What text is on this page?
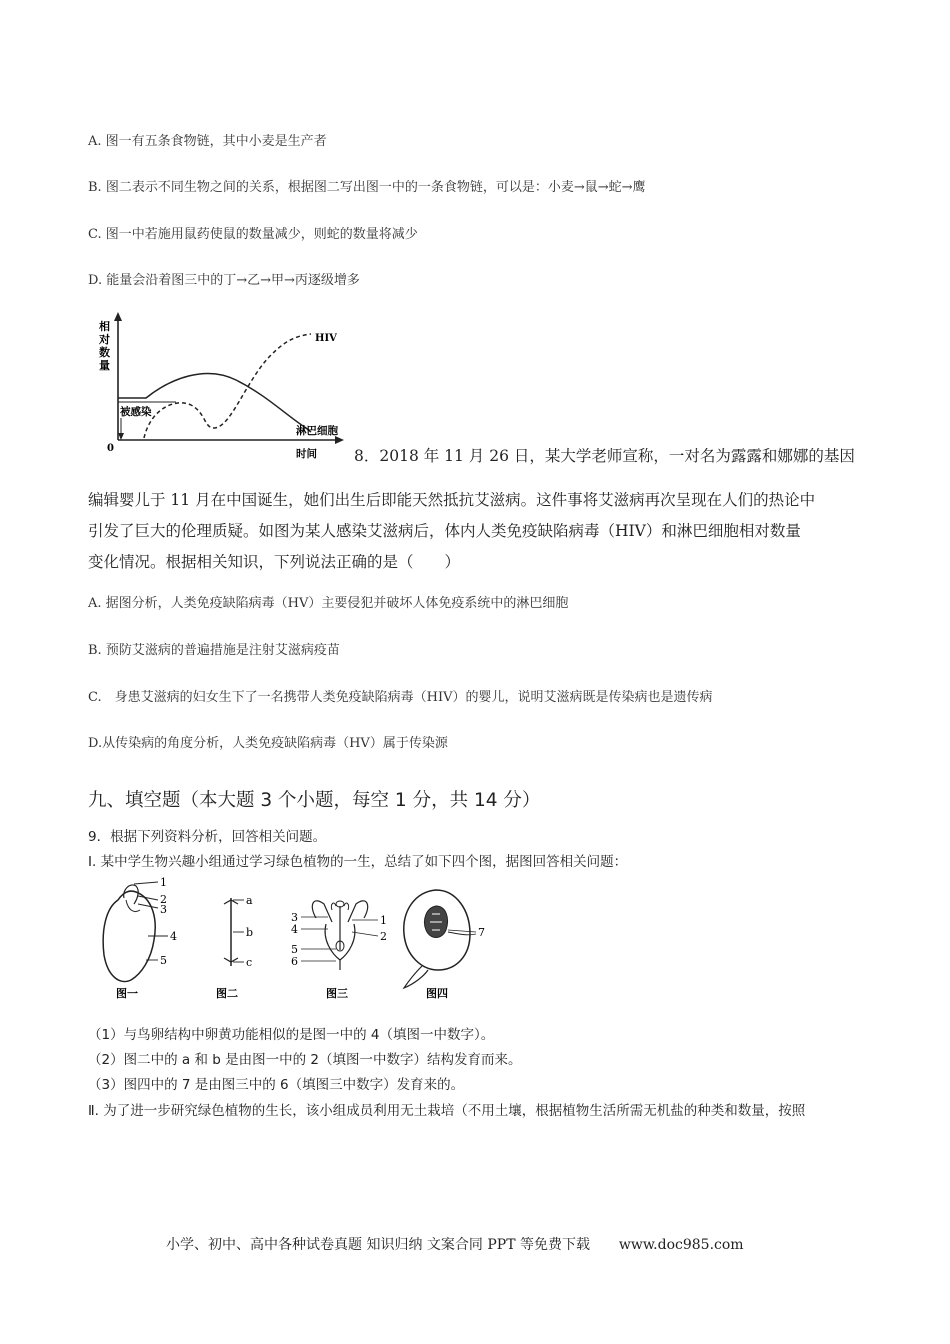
A. 图一有五条食物链，其中小麦是生产者
B. 图二表示不同生物之间的关系，根据图二写出图一中的一条食物链，可以是：小麦→鼠→蛇→鹰
C. 图一中若施用鼠药使鼠的数量减少，则蛇的数量将减少
D. 能量会沿着图三中的丁→乙→甲→丙逐级增多
相
对
数
量
被感染
HIV
淋巴细胞
0	时间 8．2018 年 11 月 26 日，某大学老师宣称，一对名为露露和娜娜的基因
编辑婴儿于 11 月在中国诞生，她们出生后即能天然抵抗艾滋病。这件事将艾滋病再次呈现在人们的热论中
引发了巨大的伦理质疑。如图为某人感染艾滋病后，体内人类免疫缺陷病毒（HIV）和淋巴细胞相对数量
变化情况。根据相关知识，下列说法正确的是（　　）
A. 据图分析，人类免疫缺陷病毒（HV）主要侵犯并破坏人体免疫系统中的淋巴细胞
B. 预防艾滋病的普遍措施是注射艾滋病疫苗
C.　身患艾滋病的妇女生下了一名携带人类免疫缺陷病毒（HIV）的婴儿，说明艾滋病既是传染病也是遗传病
D.从传染病的角度分析，人类免疫缺陷病毒（HV）属于传染源
九、填空题（本大题 3 个小题，每空 1 分，共 14 分）
9．根据下列资料分析，回答相关问题。
Ⅰ. 某中学生物兴趣小组通过学习绿色植物的一生，总结了如下四个图，据图回答相关问题：
1
2
3
4
5
图一
a
b
c
图二
3
4
5
6
1
2
图三
7
图四
（1）与鸟卵结构中卵黄功能相似的是图一中的 4（填图一中数字）。
（2）图二中的 a 和 b 是由图一中的 2（填图一中数字）结构发育而来。
（3）图四中的 7 是由图三中的 6（填图三中数字）发育来的。
Ⅱ. 为了进一步研究绿色植物的生长，该小组成员利用无土栽培（不用土壤，根据植物生活所需无机盐的种类和数量，按照
小学、初中、高中各种试卷真题 知识归纳 文案合同 PPT 等免费下载 www.doc985.com
